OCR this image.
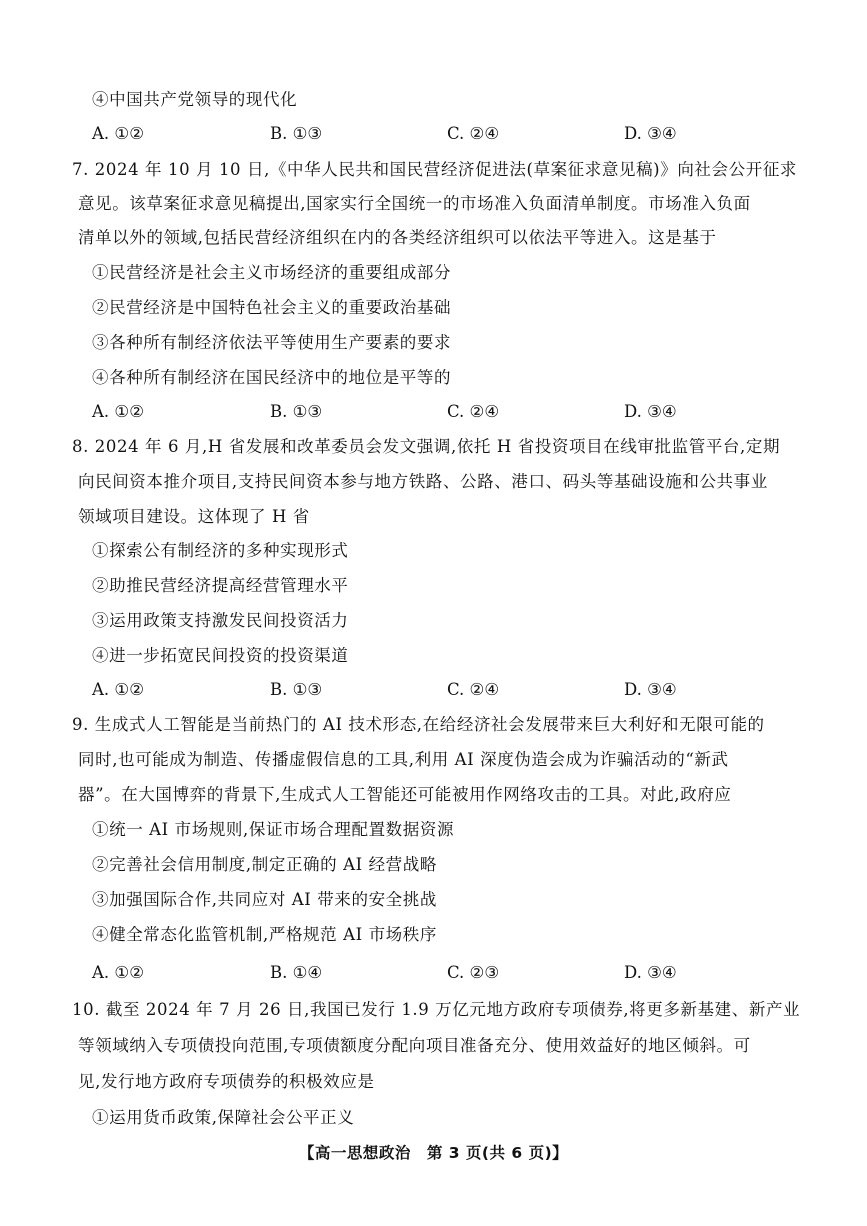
④中国共产党领导的现代化
A. ①②	B. ①③	C. ②④	D. ③④
7. 2024 年 10 月 10 日,《中华人民共和国民营经济促进法(草案征求意见稿)》向社会公开征求
意见。该草案征求意见稿提出,国家实行全国统一的市场准入负面清单制度。市场准入负面
清单以外的领域,包括民营经济组织在内的各类经济组织可以依法平等进入。这是基于
①民营经济是社会主义市场经济的重要组成部分
②民营经济是中国特色社会主义的重要政治基础
③各种所有制经济依法平等使用生产要素的要求
④各种所有制经济在国民经济中的地位是平等的
A. ①②	B. ①③	C. ②④	D. ③④
8. 2024 年 6 月,H 省发展和改革委员会发文强调,依托 H 省投资项目在线审批监管平台,定期
向民间资本推介项目,支持民间资本参与地方铁路、公路、港口、码头等基础设施和公共事业
领域项目建设。这体现了 H 省
①探索公有制经济的多种实现形式
②助推民营经济提高经营管理水平
③运用政策支持激发民间投资活力
④进一步拓宽民间投资的投资渠道
A. ①②	B. ①③	C. ②④	D. ③④
9. 生成式人工智能是当前热门的 AI 技术形态,在给经济社会发展带来巨大利好和无限可能的
同时,也可能成为制造、传播虚假信息的工具,利用 AI 深度伪造会成为诈骗活动的“新武
器”。在大国博弈的背景下,生成式人工智能还可能被用作网络攻击的工具。对此,政府应
①统一 AI 市场规则,保证市场合理配置数据资源
②完善社会信用制度,制定正确的 AI 经营战略
③加强国际合作,共同应对 AI 带来的安全挑战
④健全常态化监管机制,严格规范 AI 市场秩序
A. ①②	B. ①④	C. ②③	D. ③④
10. 截至 2024 年 7 月 26 日,我国已发行 1.9 万亿元地方政府专项债券,将更多新基建、新产业
等领域纳入专项债投向范围,专项债额度分配向项目准备充分、使用效益好的地区倾斜。可
见,发行地方政府专项债券的积极效应是
①运用货币政策,保障社会公平正义
【高一思想政治　第 3 页(共 6 页)】
